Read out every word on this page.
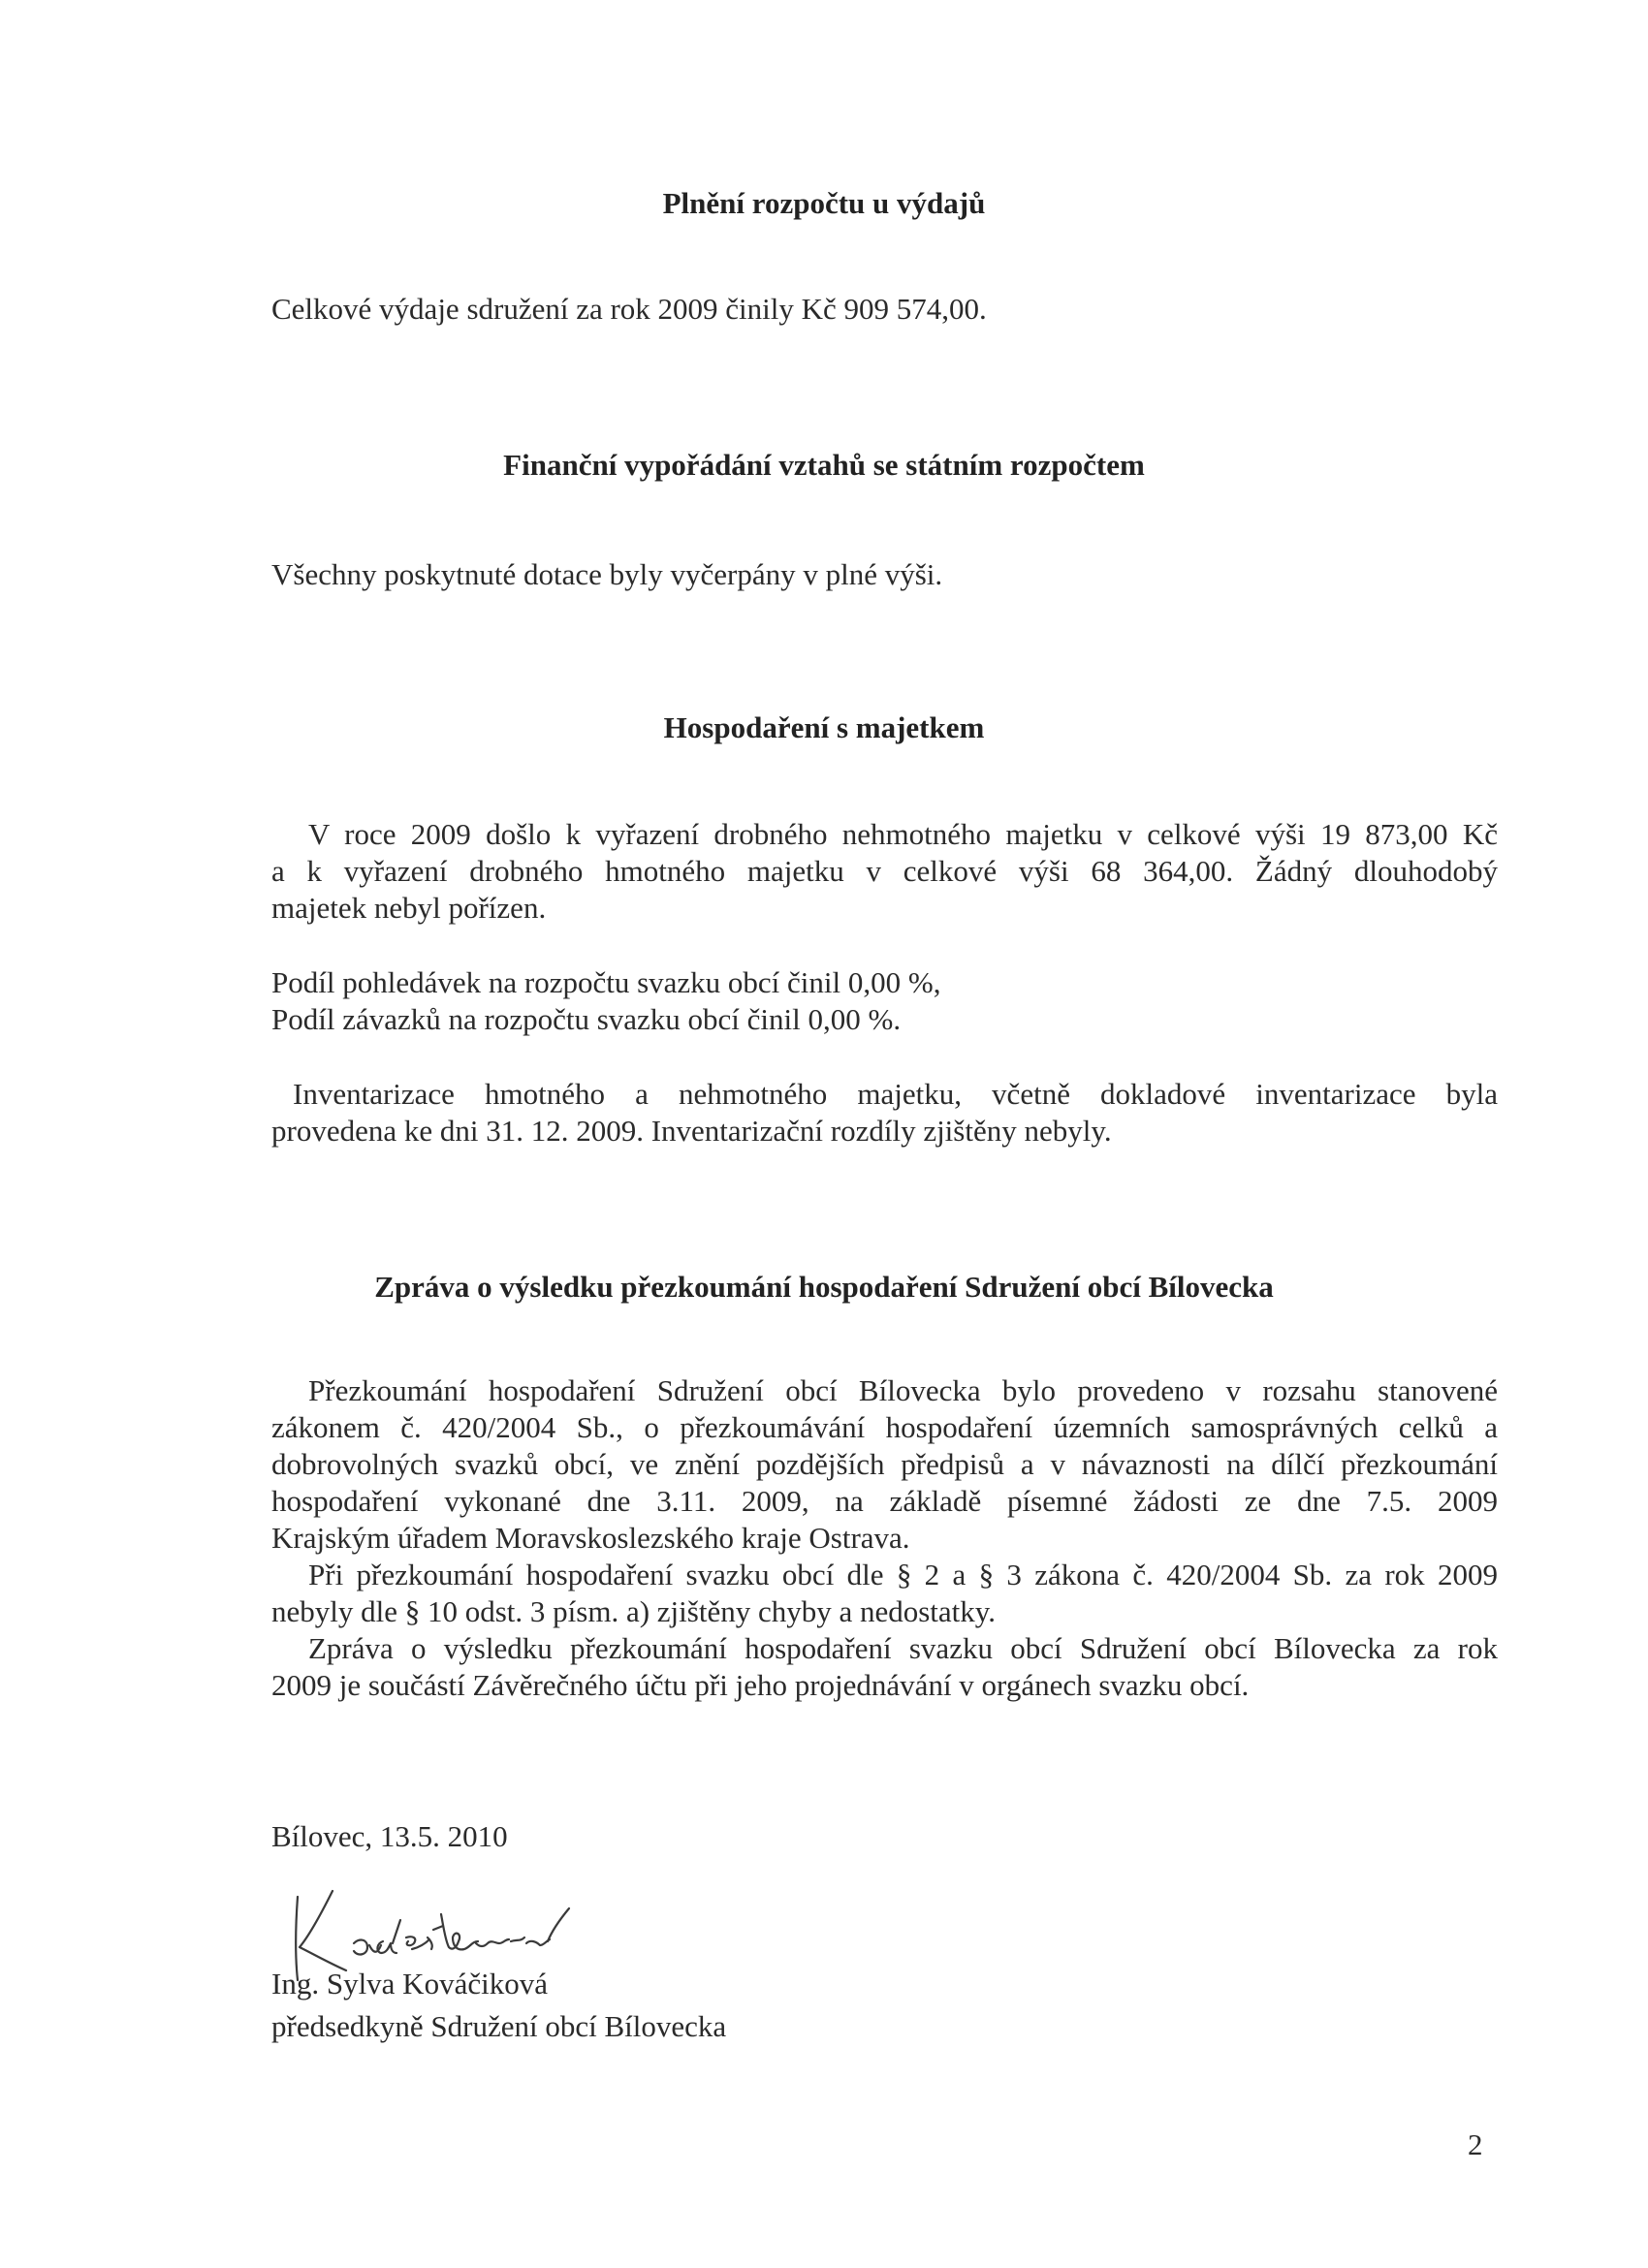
Plnění rozpočtu u výdajů

Celkové výdaje sdružení za rok 2009 činily Kč 909 574,00.

Finanční vypořádání vztahů se státním rozpočtem

Všechny poskytnuté dotace byly vyčerpány v plné výši.

Hospodaření s majetkem
V roce 2009 došlo k vyřazení drobného nehmotného majetku v celkové výši 19 873,00 Kč
a k vyřazení drobného hmotného majetku v celkové výši 68 364,00. Žádný dlouhodobý
majetek nebyl pořízen.
Podíl pohledávek na rozpočtu svazku obcí činil 0,00 %,
Podíl závazků na rozpočtu svazku obcí činil 0,00 %.
Inventarizace hmotného a nehmotného majetku, včetně dokladové inventarizace byla
provedena ke dni 31. 12. 2009. Inventarizační rozdíly zjištěny nebyly.
Zpráva o výsledku přezkoumání hospodaření Sdružení obcí Bílovecka
Přezkoumání hospodaření Sdružení obcí Bílovecka bylo provedeno v rozsahu stanovené
zákonem č. 420/2004 Sb., o přezkoumávání hospodaření územních samosprávných celků a
dobrovolných svazků obcí, ve znění pozdějších předpisů a v návaznosti na dílčí přezkoumání
hospodaření vykonané dne 3.11. 2009, na základě písemné žádosti ze dne 7.5. 2009
Krajským úřadem Moravskoslezského kraje Ostrava.
Při přezkoumání hospodaření svazku obcí dle § 2 a § 3 zákona č. 420/2004 Sb. za rok 2009
nebyly dle § 10 odst. 3 písm. a) zjištěny chyby a nedostatky.
Zpráva o výsledku přezkoumání hospodaření svazku obcí Sdružení obcí Bílovecka za rok
2009 je součástí Závěrečného účtu při jeho projednávání v orgánech svazku obcí.

Bílovec, 13.5. 2010

Ing. Sylva Kováčiková

předsedkyně Sdružení obcí Bílovecka

2
